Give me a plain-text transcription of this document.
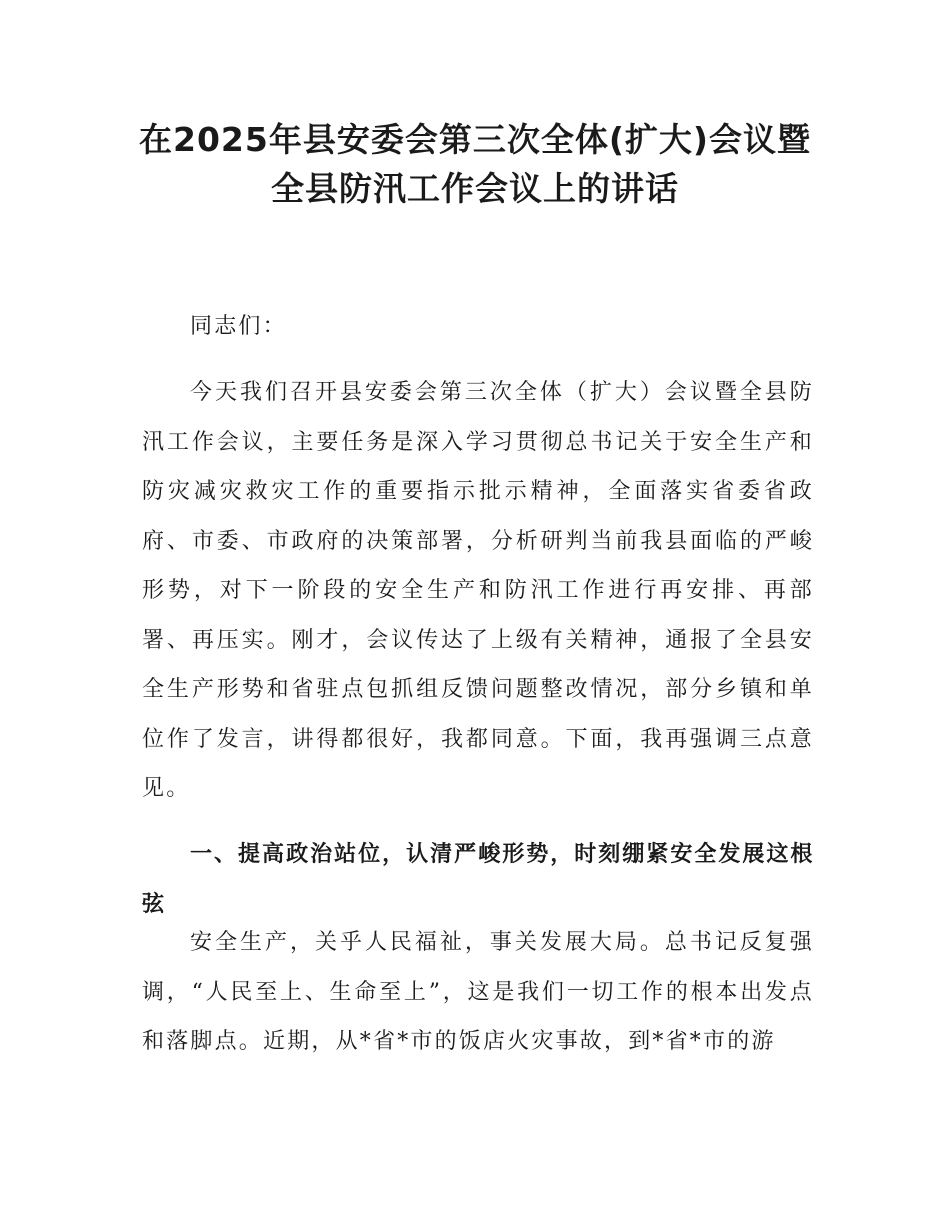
在2025年县安委会第三次全体(扩大)会议暨
全县防汛工作会议上的讲话

同志们：

今天我们召开县安委会第三次全体（扩大）会议暨全县防汛工作会议，主要任务是深入学习贯彻总书记关于安全生产和防灾减灾救灾工作的重要指示批示精神，全面落实省委省政府、市委、市政府的决策部署，分析研判当前我县面临的严峻形势，对下一阶段的安全生产和防汛工作进行再安排、再部署、再压实。刚才，会议传达了上级有关精神，通报了全县安全生产形势和省驻点包抓组反馈问题整改情况，部分乡镇和单位作了发言，讲得都很好，我都同意。下面，我再强调三点意见。

一、提高政治站位，认清严峻形势，时刻绷紧安全发展这根弦

安全生产，关乎人民福祉，事关发展大局。总书记反复强调，“人民至上、生命至上”，这是我们一切工作的根本出发点和落脚点。近期，从*省*市的饭店火灾事故，到*省*市的游
